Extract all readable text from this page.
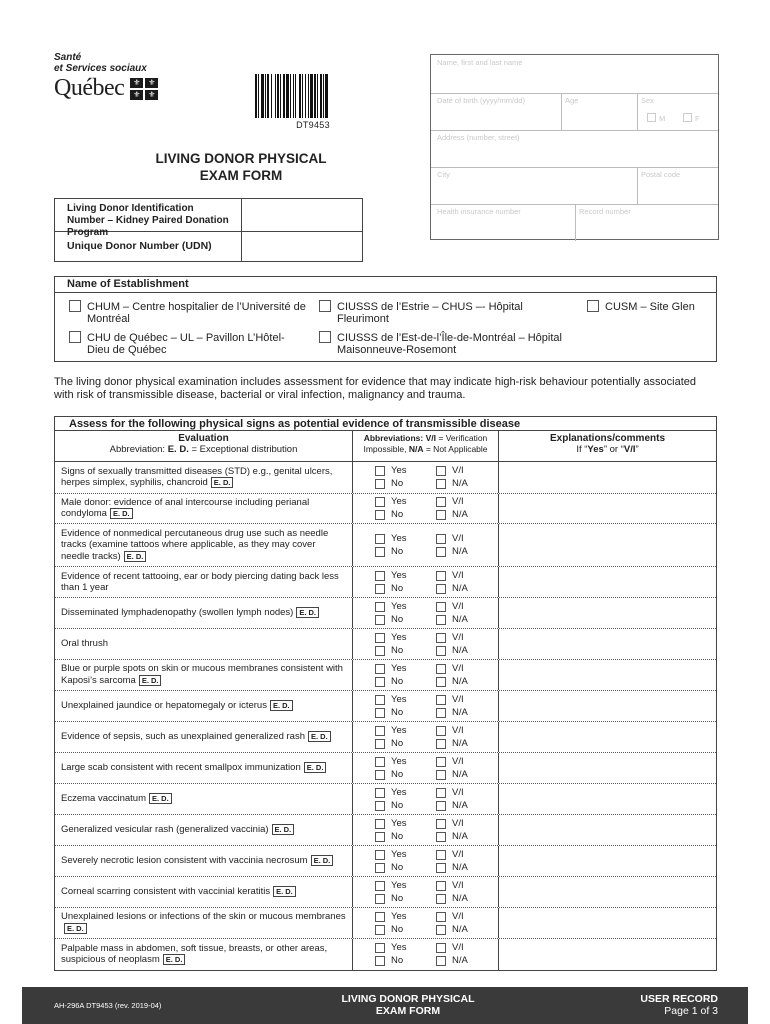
Santé
et Services sociaux
Québec	⚜ ⚜
⚜ ⚜
DT9453
LIVING DONOR PHYSICAL
EXAM FORM
Name, first and last name
Date of birth (yyyy/mm/dd)	Age	Sex
M	F
Address (number, street)
City	Postal code
Health insurance number	Record number
Living Donor Identification Number – Kidney Paired Donation Program
Unique Donor Number (UDN)
Name of Establishment
CHUM – Centre hospitalier de l’Université de Montréal
CIUSSS de l’Estrie – CHUS –- Hôpital Fleurimont
CUSM – Site Glen
CHU de Québec – UL – Pavillon L’Hôtel-Dieu de Québec
CIUSSS de l’Est-de-l’Île-de-Montréal – Hôpital Maisonneuve-Rosemont
The living donor physical examination includes assessment for evidence that may indicate high-risk behaviour potentially associated with risk of transmissible disease, bacterial or viral infection, malignancy and trauma.
Assess for the following physical signs as potential evidence of transmissible disease
Evaluation
Abbreviation: E. D. = Exceptional distribution
Abbreviations: V/I = Verification
Impossible, N/A = Not Applicable
Explanations/comments
If “Yes” or “V/I”
Signs of sexually transmitted diseases (STD) e.g., genital ulcers, herpes simplex, syphilis, chancroid E. D.
Yes
No
V/I
N/A
Male donor: evidence of anal intercourse including perianal condyloma E. D.
Yes
No
V/I
N/A
Evidence of nonmedical percutaneous drug use such as needle tracks (examine tattoos where applicable, as they may cover needle tracks) E. D.
Yes
No
V/I
N/A
Evidence of recent tattooing, ear or body piercing dating back less than 1 year
Yes
No
V/I
N/A
Disseminated lymphadenopathy (swollen lymph nodes) E. D.
Yes
No
V/I
N/A
Oral thrush
Yes
No
V/I
N/A
Blue or purple spots on skin or mucous membranes consistent with Kaposi’s sarcoma E. D.
Yes
No
V/I
N/A
Unexplained jaundice or hepatomegaly or icterus E. D.
Yes
No
V/I
N/A
Evidence of sepsis, such as unexplained generalized rash E. D.
Yes
No
V/I
N/A
Large scab consistent with recent smallpox immunization E. D.
Yes
No
V/I
N/A
Eczema vaccinatum E. D.
Yes
No
V/I
N/A
Generalized vesicular rash (generalized vaccinia) E. D.
Yes
No
V/I
N/A
Severely necrotic lesion consistent with vaccinia necrosum E. D.
Yes
No
V/I
N/A
Corneal scarring consistent with vaccinial keratitis E. D.
Yes
No
V/I
N/A
Unexplained lesions or infections of the skin or mucous membranesE. D.
Yes
No
V/I
N/A
Palpable mass in abdomen, soft tissue, breasts, or other areas, suspicious of neoplasm E. D.
Yes
No
V/I
N/A
AH-296A DT9453 (rev. 2019-04)
LIVING DONOR PHYSICAL
EXAM FORM
USER RECORD
Page 1 of 3
